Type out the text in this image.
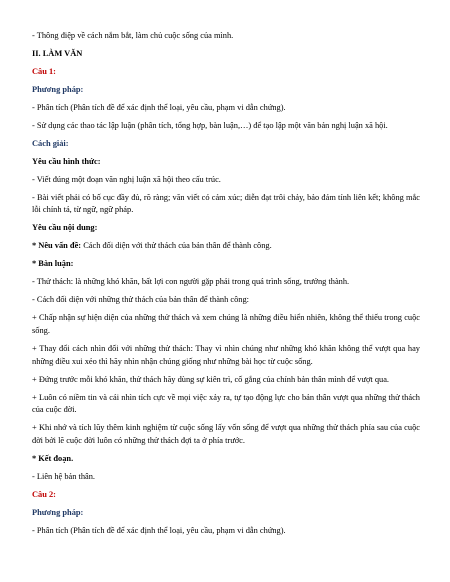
- Thông điệp về cách nắm bắt, làm chủ cuộc sống của mình.

II. LÀM VĂN

Câu 1:

Phương pháp:

- Phân tích (Phân tích đề để xác định thể loại, yêu cầu, phạm vi dẫn chứng).

- Sử dụng các thao tác lập luận (phân tích, tổng hợp, bàn luận,…) để tạo lập một văn bản nghị luận xã hội.

Cách giải:

Yêu cầu hình thức:

- Viết đúng một đoạn văn nghị luận xã hội theo cấu trúc.

- Bài viết phải có bố cục đầy đủ, rõ ràng; văn viết có cảm xúc; diễn đạt trôi chảy, bảo đảm tính liên kết; không mắc lỗi chính tả, từ ngữ, ngữ pháp.

Yêu cầu nội dung:

* Nêu vấn đề: Cách đối diện với thử thách của bản thân để thành công.

* Bàn luận:

- Thử thách: là những khó khăn, bất lợi con người gặp phải trong quá trình sống, trưởng thành.

- Cách đối diện với những thử thách của bản thân để thành công:

+ Chấp nhận sự hiện diện của những thử thách và xem chúng là những điều hiển nhiên, không thể thiếu trong cuộc sống.

+ Thay đổi cách nhìn đối với những thử thách: Thay vì nhìn chúng như những khó khăn không thể vượt qua hay những điều xui xẻo thì hãy nhìn nhận chúng giống như những bài học từ cuộc sống.

+ Đứng trước mỗi khó khăn, thử thách hãy dùng sự kiên trì, cố gắng của chính bản thân mình để vượt qua.

+ Luôn có niềm tin và cái nhìn tích cực về mọi việc xảy ra, tự tạo động lực cho bản thân vượt qua những thử thách của cuộc đời.

+ Khi nhớ và tích lũy thêm kinh nghiệm từ cuộc sống lấy vốn sống để vượt qua những thử thách phía sau của cuộc đời bởi lẽ cuộc đời luôn có những thử thách đợi ta ở phía trước.

* Kết đoạn.

- Liên hệ bản thân.

Câu 2:

Phương pháp:

- Phân tích (Phân tích đề để xác định thể loại, yêu cầu, phạm vi dẫn chứng).
